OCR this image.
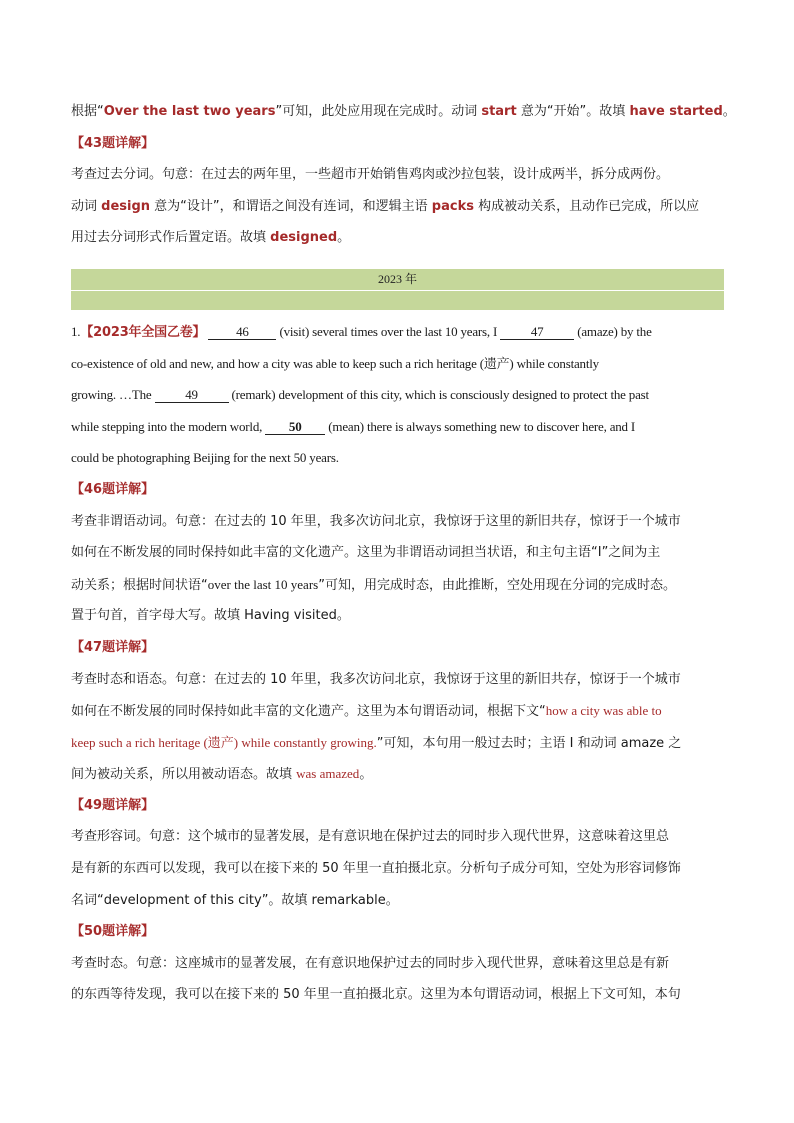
根据“Over the last two years”可知，此处应用现在完成时。动词 start 意为“开始”。故填 have started。
【43题详解】
考查过去分词。句意：在过去的两年里，一些超市开始销售鸡肉或沙拉包装，设计成两半，拆分成两份。
动词 design 意为“设计”，和谓语之间没有连词，和逻辑主语 packs 构成被动关系，且动作已完成，所以应
用过去分词形式作后置定语。故填 designed。
2023 年
1.【2023年全国乙卷】 46 (visit) several times over the last 10 years, I 47 (amaze) by the
co-existence of old and new, and how a city was able to keep such a rich heritage (遗产) while constantly
growing. …The 49 (remark) development of this city, which is consciously designed to protect the past
while stepping into the modern world, 50 (mean) there is always something new to discover here, and I
could be photographing Beijing for the next 50 years.
【46题详解】
考查非谓语动词。句意：在过去的 10 年里，我多次访问北京，我惊讶于这里的新旧共存，惊讶于一个城市
如何在不断发展的同时保持如此丰富的文化遗产。这里为非谓语动词担当状语，和主句主语“I”之间为主
动关系；根据时间状语“over the last 10 years”可知，用完成时态，由此推断，空处用现在分词的完成时态。
置于句首，首字母大写。故填 Having visited。
【47题详解】
考查时态和语态。句意：在过去的 10 年里，我多次访问北京，我惊讶于这里的新旧共存，惊讶于一个城市
如何在不断发展的同时保持如此丰富的文化遗产。这里为本句谓语动词，根据下文“how a city was able to
keep such a rich heritage (遗产) while constantly growing.”可知，本句用一般过去时；主语 I 和动词 amaze 之
间为被动关系，所以用被动语态。故填 was amazed。
【49题详解】
考查形容词。句意：这个城市的显著发展，是有意识地在保护过去的同时步入现代世界，这意味着这里总
是有新的东西可以发现，我可以在接下来的 50 年里一直拍摄北京。分析句子成分可知，空处为形容词修饰
名词“development of this city”。故填 remarkable。
【50题详解】
考查时态。句意：这座城市的显著发展，在有意识地保护过去的同时步入现代世界，意味着这里总是有新
的东西等待发现，我可以在接下来的 50 年里一直拍摄北京。这里为本句谓语动词，根据上下文可知，本句
